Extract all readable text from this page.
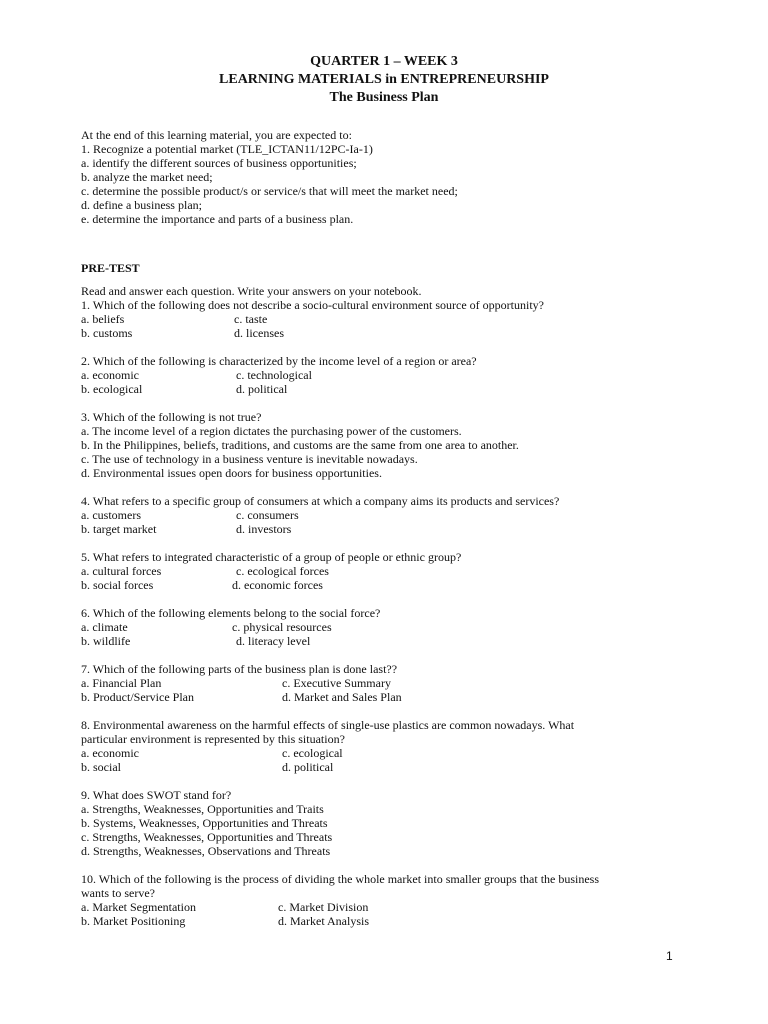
QUARTER 1 – WEEK 3
LEARNING MATERIALS in ENTREPRENEURSHIP
The Business Plan
At the end of this learning material, you are expected to:
1. Recognize a potential market (TLE_ICTAN11/12PC-Ia-1)
a. identify the different sources of business opportunities;
b. analyze the market need;
c. determine the possible product/s or service/s that will meet the market need;
d. define a business plan;
e. determine the importance and parts of a business plan.
PRE-TEST
Read and answer each question. Write your answers on your notebook.
1. Which of the following does not describe a socio-cultural environment source of opportunity?
a. beliefs	c. taste
b. customs	d. licenses
2. Which of the following is characterized by the income level of a region or area?
a. economic	c. technological
b. ecological	d. political
3. Which of the following is not true?
a. The income level of a region dictates the purchasing power of the customers.
b. In the Philippines, beliefs, traditions, and customs are the same from one area to another.
c. The use of technology in a business venture is inevitable nowadays.
d. Environmental issues open doors for business opportunities.
4. What refers to a specific group of consumers at which a company aims its products and services?
a. customers	c. consumers
b. target market	d. investors
5. What refers to integrated characteristic of a group of people or ethnic group?
a. cultural forces	c. ecological forces
b. social forces	d. economic forces
6. Which of the following elements belong to the social force?
a. climate	c. physical resources
b. wildlife	d. literacy level
7. Which of the following parts of the business plan is done last??
a. Financial Plan	c. Executive Summary
b. Product/Service Plan	d. Market and Sales Plan
8. Environmental awareness on the harmful effects of single-use plastics are common nowadays. What
particular environment is represented by this situation?
a. economic	c. ecological
b. social	d. political
9. What does SWOT stand for?
a. Strengths, Weaknesses, Opportunities and Traits
b. Systems, Weaknesses, Opportunities and Threats
c. Strengths, Weaknesses, Opportunities and Threats
d. Strengths, Weaknesses, Observations and Threats
10. Which of the following is the process of dividing the whole market into smaller groups that the business
wants to serve?
a. Market Segmentation	c. Market Division
b. Market Positioning	d. Market Analysis
1
